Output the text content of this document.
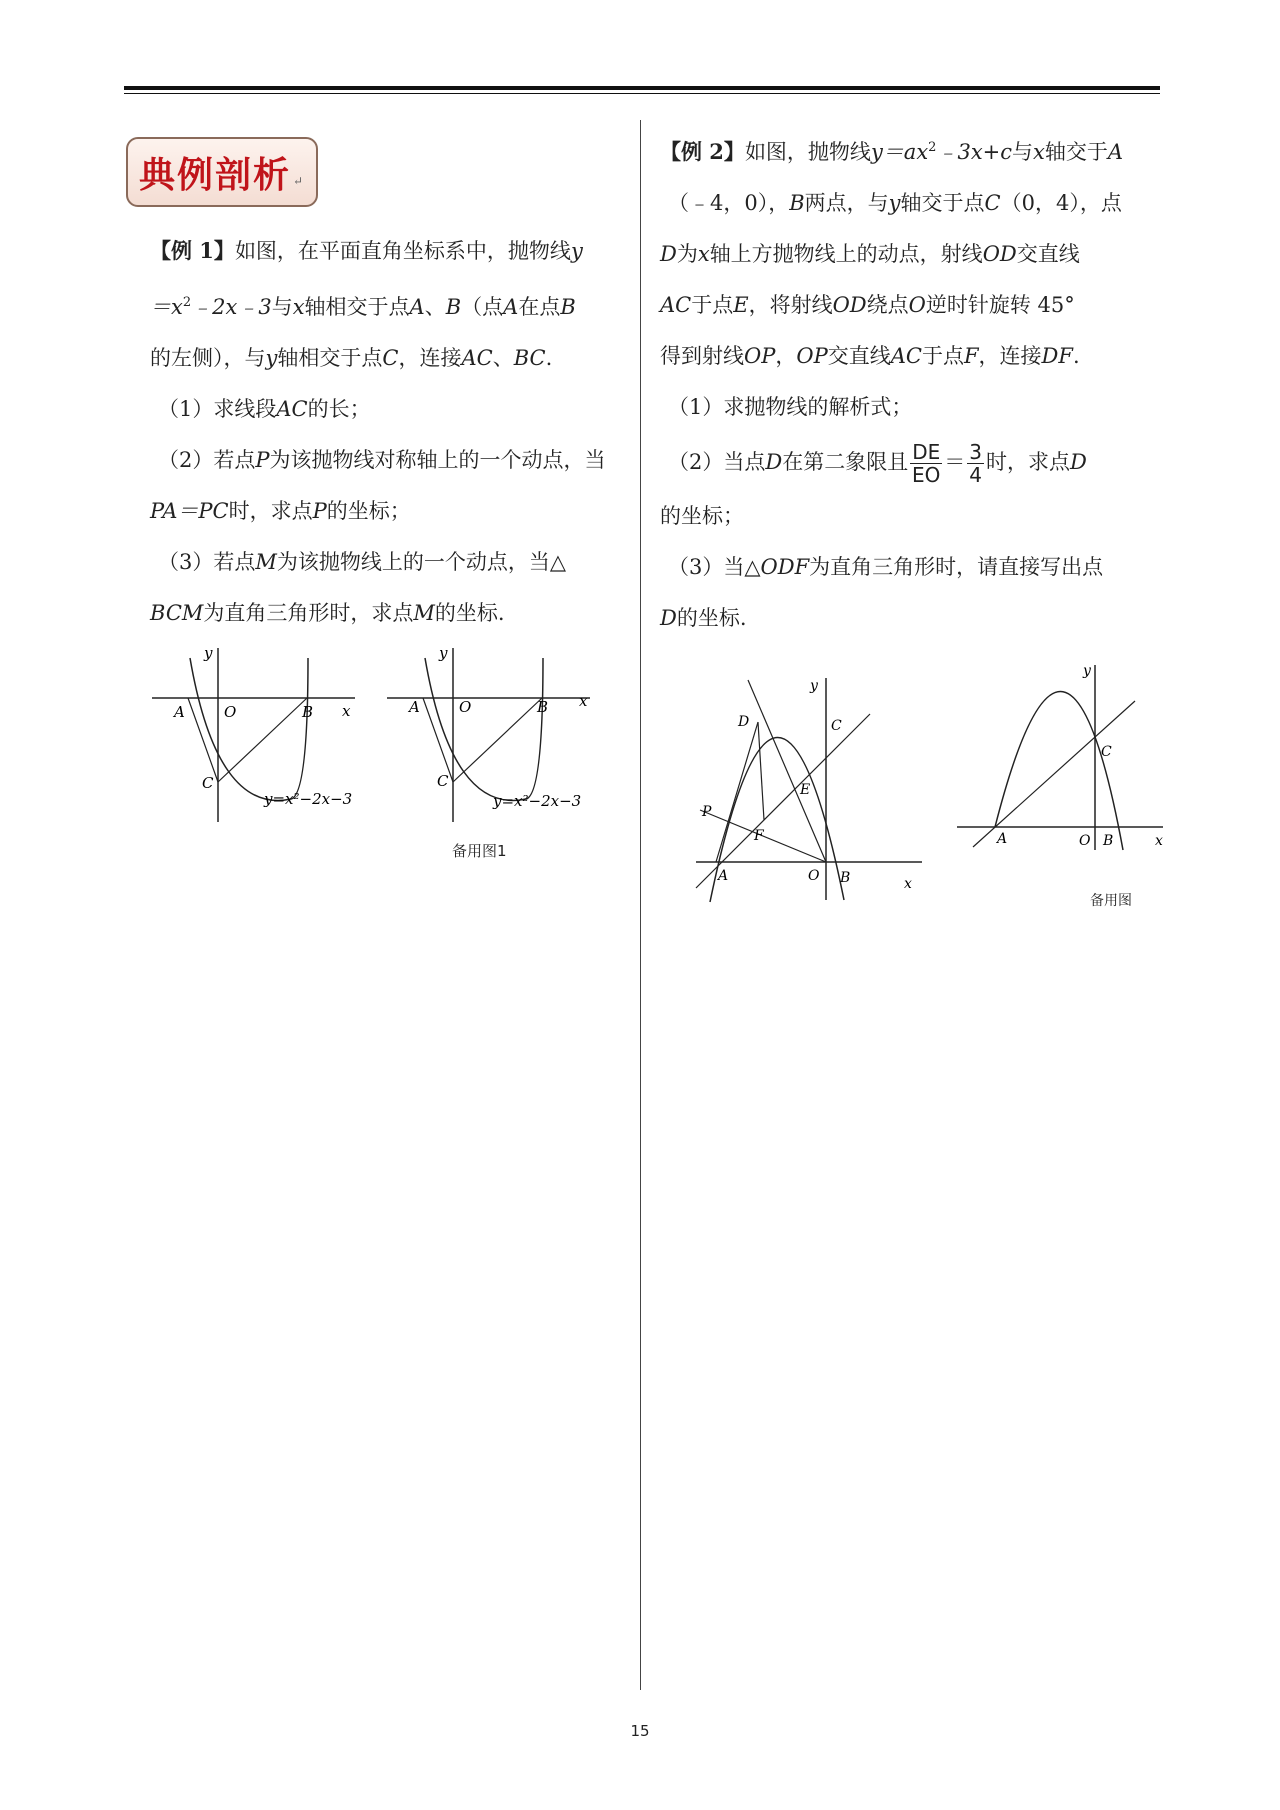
典例剖析 ↵

【例 1】如图，在平面直角坐标系中，抛物线y

$=x^2﹣2x﹣3$与x轴相交于点A、B（点A在点B

的左侧），与y轴相交于点C，连接AC、BC.

（1）求线段AC的长；

（2）若点P为该抛物线对称轴上的一个动点，当

PA＝PC时，求点P的坐标；

（3）若点M为该抛物线上的一个动点，当△

BCM为直角三角形时，求点M的坐标.

y
x
A	O	B
C
y=x²−2x−3
y
x
A	O	B
C
y=x²−2x−3
备用图1

【例 2】如图，抛物线$y=ax^2﹣3x+c$与x轴交于A

（﹣4，0），B两点，与y轴交于点C（0，4），点

D为x轴上方抛物线上的动点，射线OD交直线

AC于点E，将射线OD绕点O逆时针旋转 45°

得到射线OP，OP交直线AC于点F，连接DF.

（1）求抛物线的解析式；

（2）当点D在第二象限且 $\frac{DE}{EO} = \frac{3}{4}$ 时，求点D

的坐标；

（3）当△ODF为直角三角形时，请直接写出点

D的坐标.

y
x
D	C
E
P
F
A	O B
y
x
C
A	O B
备用图
15
